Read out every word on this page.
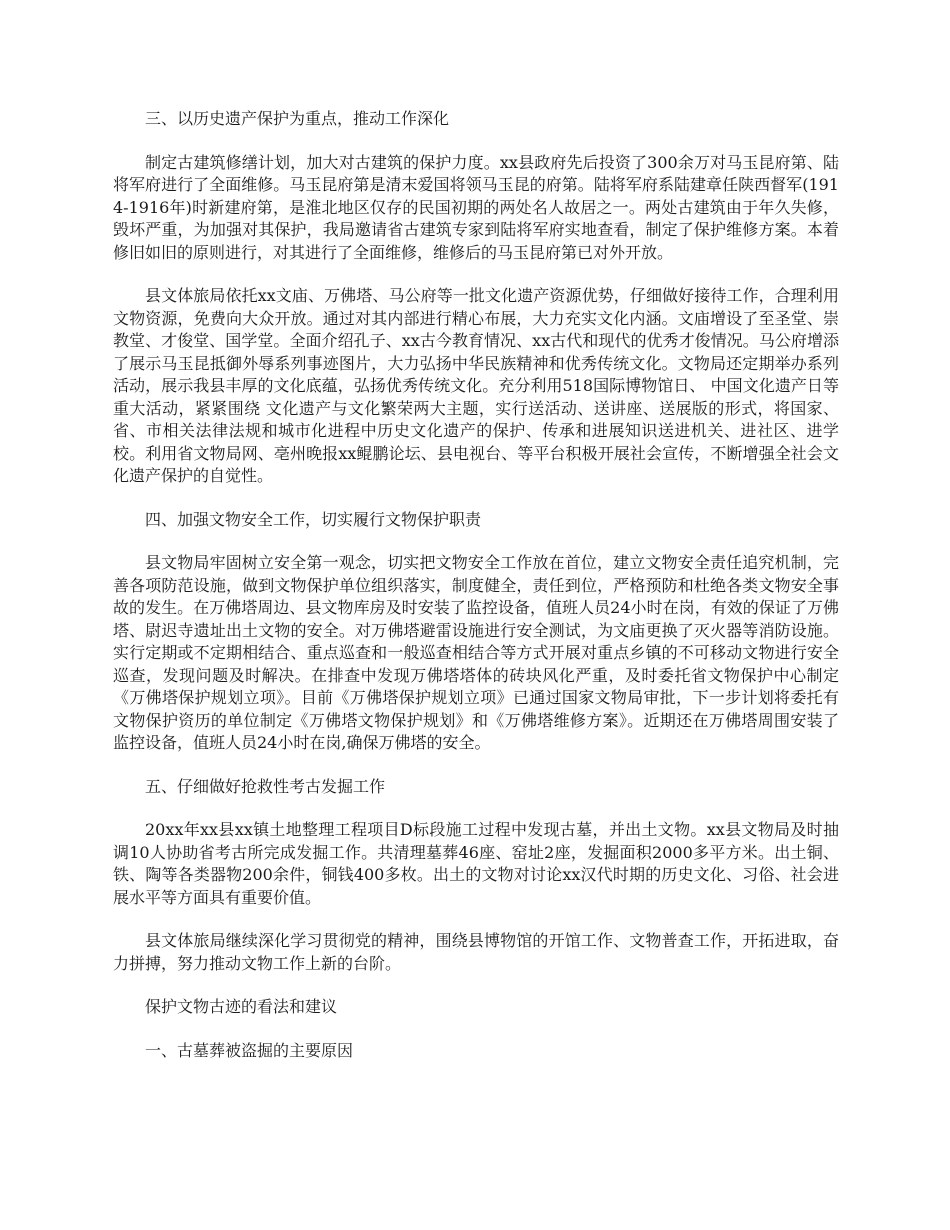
三、以历史遗产保护为重点，推动工作深化

制定古建筑修缮计划，加大对古建筑的保护力度。xx县政府先后投资了300余万对马玉昆府第、陆将军府进行了全面维修。马玉昆府第是清末爱国将领马玉昆的府第。陆将军府系陆建章任陕西督军(1914-1916年)时新建府第，是淮北地区仅存的民国初期的两处名人故居之一。两处古建筑由于年久失修，毁坏严重，为加强对其保护，我局邀请省古建筑专家到陆将军府实地查看，制定了保护维修方案。本着修旧如旧的原则进行，对其进行了全面维修，维修后的马玉昆府第已对外开放。

县文体旅局依托xx文庙、万佛塔、马公府等一批文化遗产资源优势，仔细做好接待工作，合理利用文物资源，免费向大众开放。通过对其内部进行精心布展，大力充实文化内涵。文庙增设了至圣堂、崇教堂、才俊堂、国学堂。全面介绍孔子、xx古今教育情况、xx古代和现代的优秀才俊情况。马公府增添了展示马玉昆抵御外辱系列事迹图片，大力弘扬中华民族精神和优秀传统文化。文物局还定期举办系列活动，展示我县丰厚的文化底蕴，弘扬优秀传统文化。充分利用518国际博物馆日、 中国文化遗产日等重大活动，紧紧围绕 文化遗产与文化繁荣两大主题，实行送活动、送讲座、送展版的形式，将国家、省、市相关法律法规和城市化进程中历史文化遗产的保护、传承和进展知识送进机关、进社区、进学校。利用省文物局网、亳州晚报xx鲲鹏论坛、县电视台、等平台积极开展社会宣传，不断增强全社会文化遗产保护的自觉性。

四、加强文物安全工作，切实履行文物保护职责

县文物局牢固树立安全第一观念，切实把文物安全工作放在首位，建立文物安全责任追究机制，完善各项防范设施，做到文物保护单位组织落实，制度健全，责任到位，严格预防和杜绝各类文物安全事故的发生。在万佛塔周边、县文物库房及时安装了监控设备，值班人员24小时在岗，有效的保证了万佛塔、尉迟寺遗址出土文物的安全。对万佛塔避雷设施进行安全测试，为文庙更换了灭火器等消防设施。实行定期或不定期相结合、重点巡查和一般巡查相结合等方式开展对重点乡镇的不可移动文物进行安全巡查，发现问题及时解决。在排查中发现万佛塔塔体的砖块风化严重，及时委托省文物保护中心制定《万佛塔保护规划立项》。目前《万佛塔保护规划立项》已通过国家文物局审批，下一步计划将委托有文物保护资历的单位制定《万佛塔文物保护规划》和《万佛塔维修方案》。近期还在万佛塔周围安装了监控设备，值班人员24小时在岗,确保万佛塔的安全。

五、仔细做好抢救性考古发掘工作

20xx年xx县xx镇土地整理工程项目D标段施工过程中发现古墓，并出土文物。xx县文物局及时抽调10人协助省考古所完成发掘工作。共清理墓葬46座、窑址2座，发掘面积2000多平方米。出土铜、铁、陶等各类器物200余件，铜钱400多枚。出土的文物对讨论xx汉代时期的历史文化、习俗、社会进展水平等方面具有重要价值。

县文体旅局继续深化学习贯彻党的精神，围绕县博物馆的开馆工作、文物普查工作，开拓进取，奋力拼搏，努力推动文物工作上新的台阶。

保护文物古迹的看法和建议

一、古墓葬被盗掘的主要原因
